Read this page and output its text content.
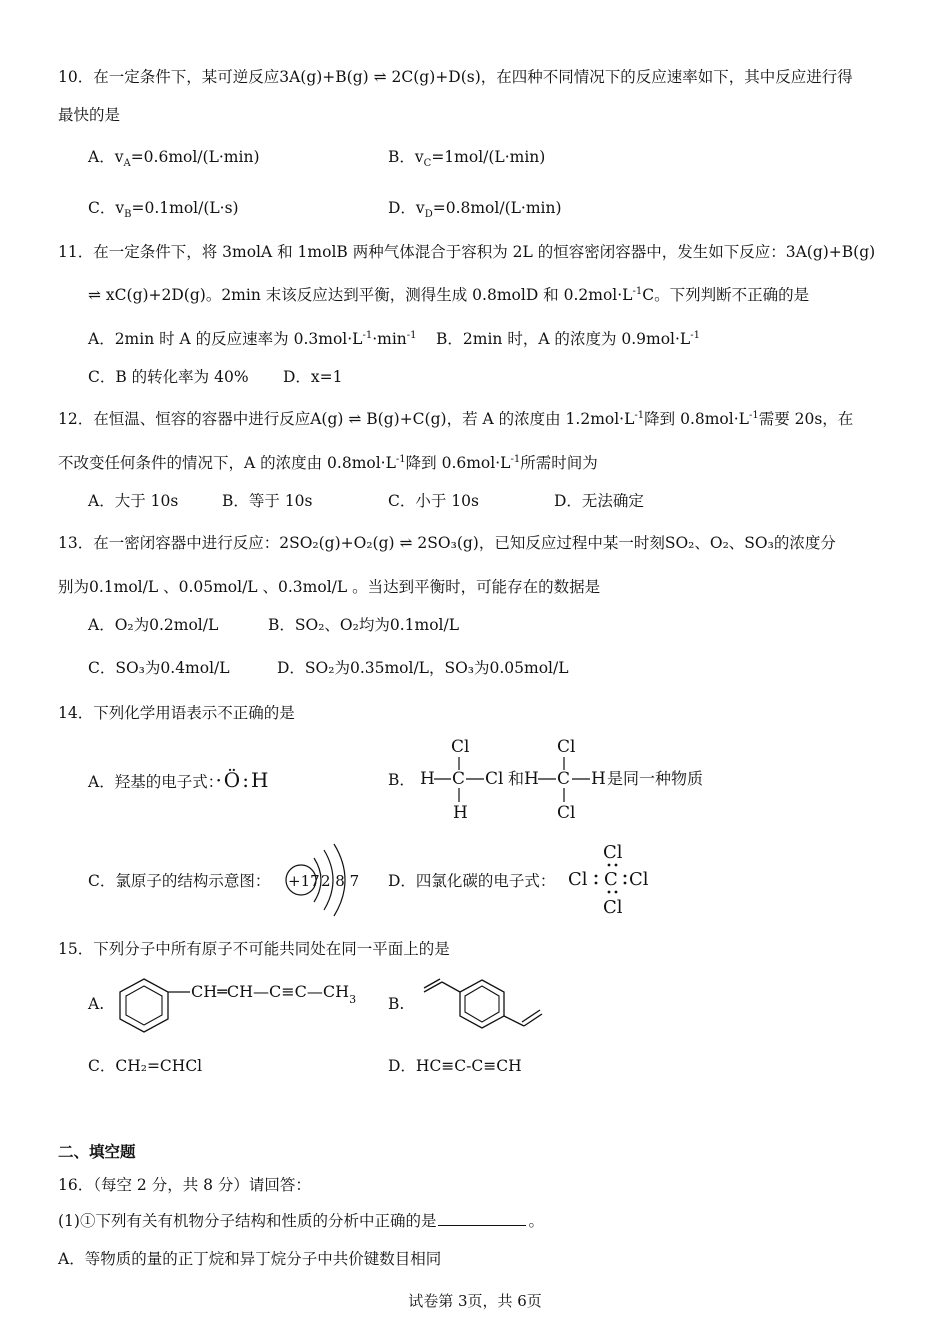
10．在一定条件下，某可逆反应3A(g)+B(g) ⇌ 2C(g)+D(s)，在四种不同情况下的反应速率如下，其中反应进行得
最快的是
A．$v_A=0.6mol/(L\cdot\min)$	B．$v_C=1mol/(L\cdot\min)$
C．$v_B=0.1mol/(L\cdot s)$	D．$v_D=0.8mol/(L\cdot\min)$
11．在一定条件下，将 3molA 和 1molB 两种气体混合于容积为 2L 的恒容密闭容器中，发生如下反应：3A(g)+B(g)
⇌ xC(g)+2D(g)。2min 末该反应达到平衡，测得生成 0.8molD 和 $0.2mol\cdot L^{-1}C$。下列判断不正确的是
A．2min 时 A 的反应速率为 $0.3mol\cdot L^{-1}\cdot\min^{-1}$ B．2min 时，A 的浓度为 $0.9mol\cdot L^{-1}$
C．B 的转化率为 40% D．x=1
12．在恒温、恒容的容器中进行反应A(g) ⇌ B(g)+C(g)，若 A 的浓度由 $1.2mol\cdot L^{-1}$降到 $0.8mol\cdot L^{-1}$需要 20s，在
不改变任何条件的情况下，A 的浓度由 $0.8mol\cdot L^{-1}$降到 $0.6mol\cdot L^{-1}$所需时间为
A．大于 10s	B．等于 10s	C．小于 10s	D．无法确定
13．在一密闭容器中进行反应：2SO₂(g)+O₂(g) ⇌ 2SO₃(g)，已知反应过程中某一时刻SO₂、O₂、SO₃的浓度分
别为0.1mol/L 、0.05mol/L 、0.3mol/L 。当达到平衡时，可能存在的数据是
A．O₂为0.2mol/L	B．SO₂、O₂均为0.1mol/L
C．SO₃为0.4mol/L	D．SO₂为0.35mol/L，SO₃为0.05mol/L
14．下列化学用语表示不正确的是
A．羟基的电子式：·Ö:H	B．
Cl
H C Cl
H
和 H
Cl
C H
Cl
是同一种物质
C．氯原子的结构示意图： +17 2 8 7 D．四氯化碳的电子式：
Cl
Cl C Cl
Cl
15．下列分子中所有原子不可能共同处在同一平面上的是
A.
$CH═CH—C\equiv C—CH_3$ B.
C．CH₂=CHCl	D．HC≡C-C≡CH
二、填空题
16．（每空 2 分，共 8 分）请回答：
(1)①下列有关有机物分子结构和性质的分析中正确的是	。
A．等物质的量的正丁烷和异丁烷分子中共价键数目相同
试卷第 3页，共 6页
